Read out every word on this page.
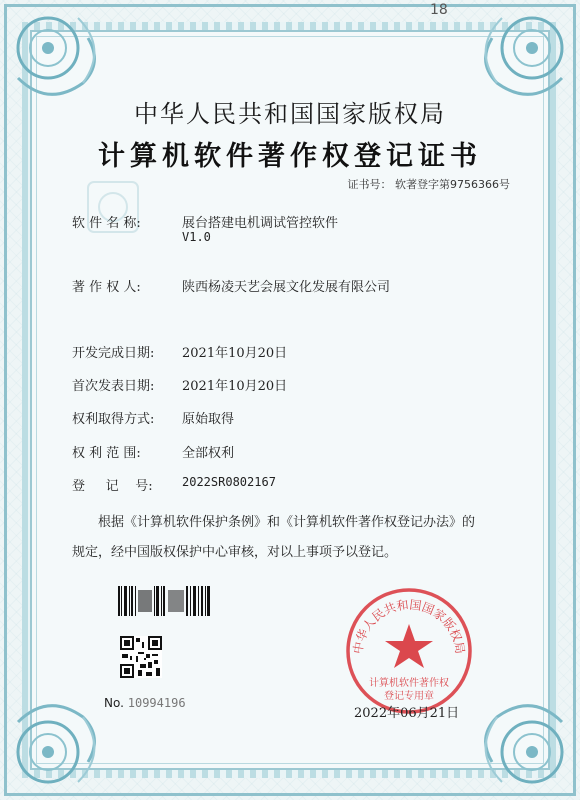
18
中华人民共和国国家版权局
计算机软件著作权登记证书
证书号： 软著登字第9756366号
软 件 名 称:	展台搭建电机调试管控软件
V1.0
著 作 权 人:	陕西杨凌天艺会展文化发展有限公司
开发完成日期:	2021年10月20日
首次发表日期:	2021年10月20日
权利取得方式:	原始取得
权 利 范 围:	全部权利
登     记    号:	2022SR0802167
根据《计算机软件保护条例》和《计算机软件著作权登记办法》的
规定，经中国版权保护中心审核，对以上事项予以登记。
No. 10994196
中华人民共和国国家版权局
计算机软件著作权
登记专用章
2022年06月21日
